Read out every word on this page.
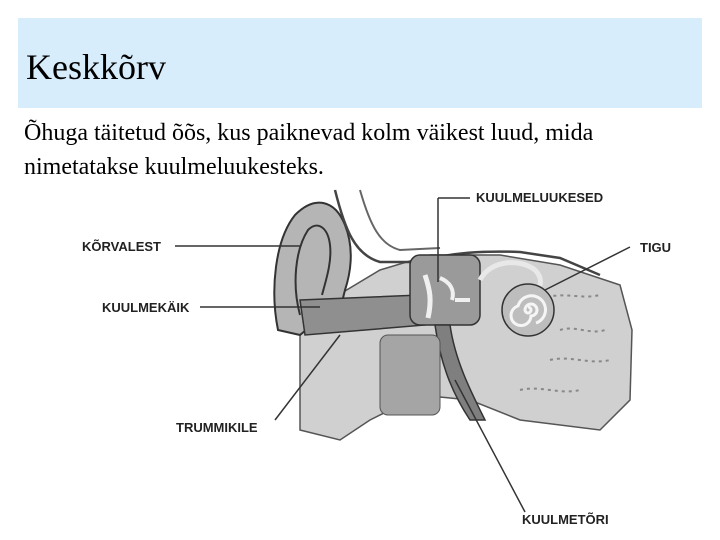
Keskkõrv
Õhuga täitetud õõs, kus paiknevad kolm väikest luud, mida nimetatakse kuulmeluukesteks.
KÕRVALEST
KUULMEKÄIK
TRUMMIKILE
KUULMELUUKESED
TIGU
KUULMETÕRI
